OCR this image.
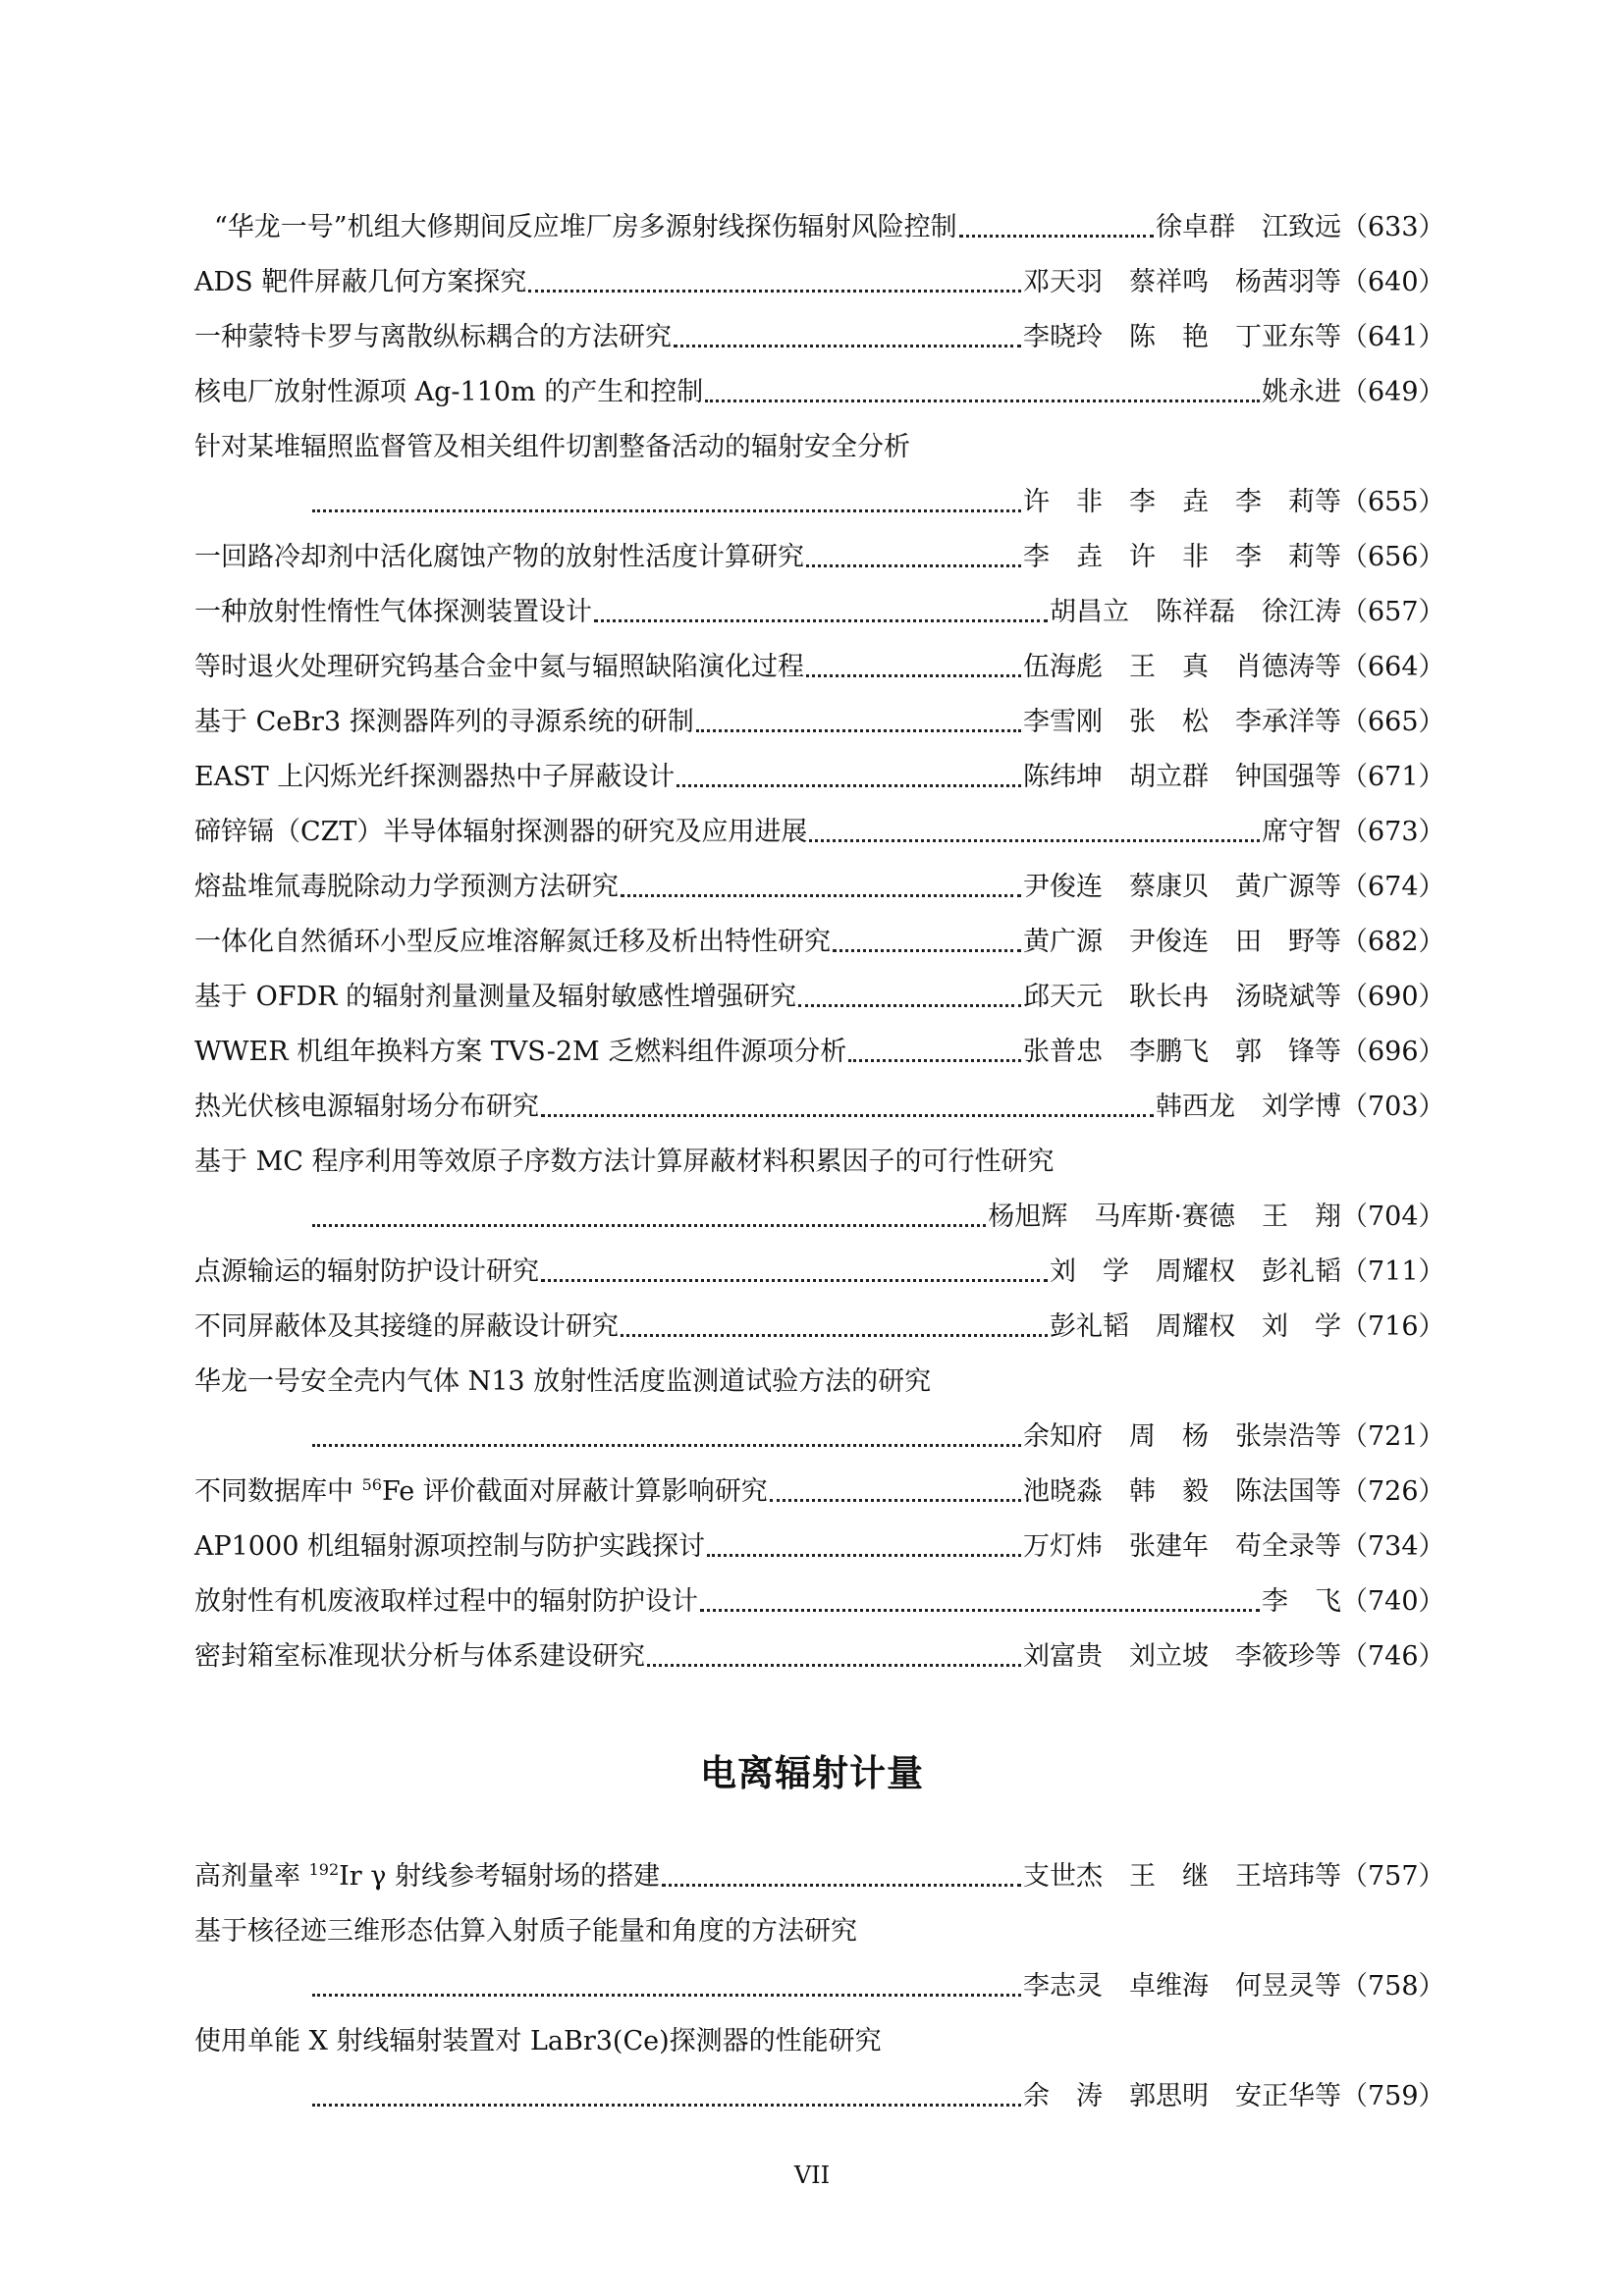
“华龙一号”机组大修期间反应堆厂房多源射线探伤辐射风险控制	徐卓群　江致远 （633）
ADS 靶件屏蔽几何方案探究	邓天羽　蔡祥鸣　杨茜羽等 （640）
一种蒙特卡罗与离散纵标耦合的方法研究	李晓玲　陈　艳　丁亚东等 （641）
核电厂放射性源项 Ag-110m 的产生和控制	姚永进 （649）
针对某堆辐照监督管及相关组件切割整备活动的辐射安全分析
许　非　李　垚　李　莉等 （655）
一回路冷却剂中活化腐蚀产物的放射性活度计算研究	李　垚　许　非　李　莉等 （656）
一种放射性惰性气体探测装置设计	胡昌立　陈祥磊　徐江涛 （657）
等时退火处理研究钨基合金中氦与辐照缺陷演化过程	伍海彪　王　真　肖德涛等 （664）
基于 CeBr3 探测器阵列的寻源系统的研制	李雪刚　张　松　李承洋等 （665）
EAST 上闪烁光纤探测器热中子屏蔽设计	陈纬坤　胡立群　钟国强等 （671）
碲锌镉（CZT）半导体辐射探测器的研究及应用进展	席守智 （673）
熔盐堆氚毒脱除动力学预测方法研究	尹俊连　蔡康贝　黄广源等 （674）
一体化自然循环小型反应堆溶解氮迁移及析出特性研究	黄广源　尹俊连　田　野等 （682）
基于 OFDR 的辐射剂量测量及辐射敏感性增强研究	邱天元　耿长冉　汤晓斌等 （690）
WWER 机组年换料方案 TVS-2M 乏燃料组件源项分析	张普忠　李鹏飞　郭　锋等 （696）
热光伏核电源辐射场分布研究	韩西龙　刘学博 （703）
基于 MC 程序利用等效原子序数方法计算屏蔽材料积累因子的可行性研究
杨旭辉　马库斯·赛德　王　翔 （704）
点源输运的辐射防护设计研究	刘　学　周耀权　彭礼韬 （711）
不同屏蔽体及其接缝的屏蔽设计研究	彭礼韬　周耀权　刘　学 （716）
华龙一号安全壳内气体 N13 放射性活度监测道试验方法的研究
余知府　周　杨　张崇浩等 （721）
不同数据库中 $^{56}$Fe 评价截面对屏蔽计算影响研究	池晓淼　韩　毅　陈法国等 （726）
AP1000 机组辐射源项控制与防护实践探讨	万灯炜　张建年　苟全录等 （734）
放射性有机废液取样过程中的辐射防护设计	李　飞 （740）
密封箱室标准现状分析与体系建设研究	刘富贵　刘立坡　李筱珍等 （746）
高剂量率 $^{192}$Ir γ 射线参考辐射场的搭建	支世杰　王　继　王培玮等 （757）
基于核径迹三维形态估算入射质子能量和角度的方法研究
李志灵　卓维海　何昱灵等 （758）
使用单能 X 射线辐射装置对 LaBr3(Ce)探测器的性能研究
余　涛　郭思明　安正华等 （759）
电离辐射计量
VII
